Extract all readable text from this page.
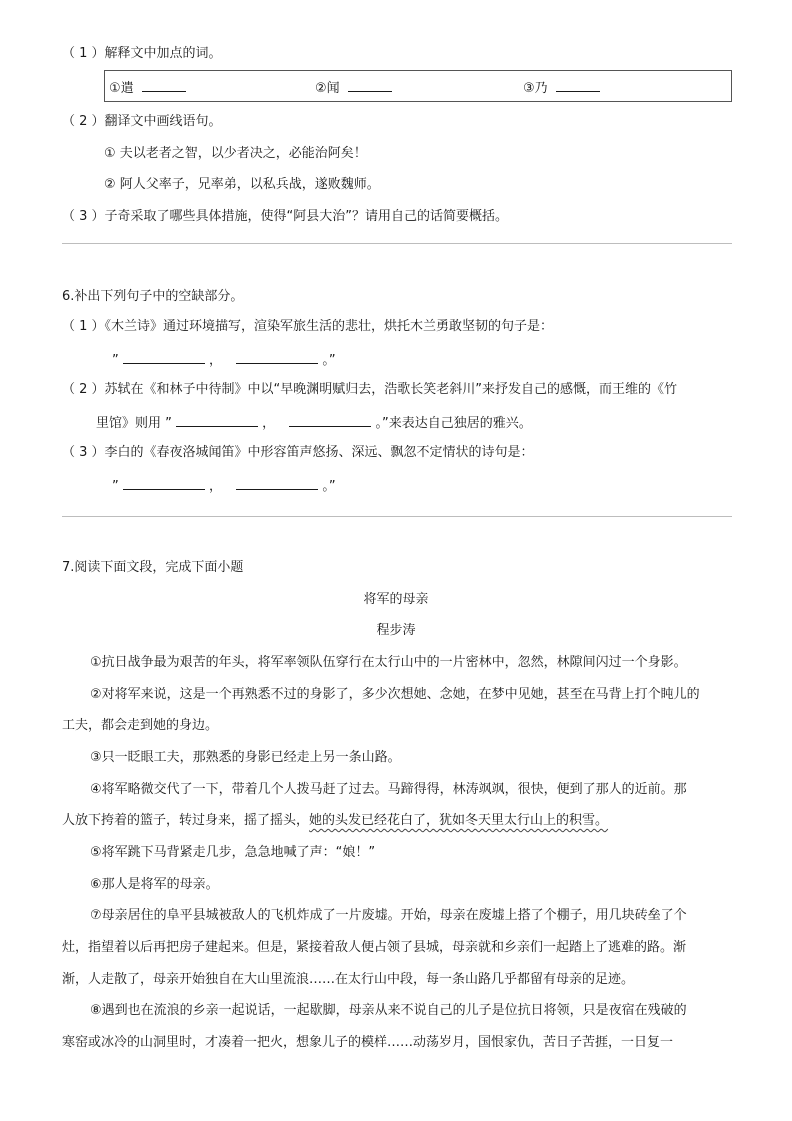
（ 1 ）解释文中加点的词。
①遣	②闻	③乃
（ 2 ）翻译文中画线语句。
① 夫以老者之智，以少者决之，必能治阿矣！
② 阿人父率子，兄率弟，以私兵战，遂败魏师。
（ 3 ）子奇采取了哪些具体措施，使得“阿县大治”？请用自己的话简要概括。
6.补出下列句子中的空缺部分。
（ 1 ）《木兰诗》通过环境描写，渲染军旅生活的悲壮，烘托木兰勇敢坚韧的句子是：
”	，	。”
（ 2 ）苏轼在《和林子中待制》中以“早晚渊明赋归去，浩歌长笑老斜川”来抒发自己的感慨，而王维的《竹
里馆》则用 ”	，	。”来表达自己独居的雅兴。
（ 3 ）李白的《春夜洛城闻笛》中形容笛声悠扬、深远、飘忽不定情状的诗句是：
”	，	。”
7.阅读下面文段，完成下面小题
将军的母亲
程步涛
①抗日战争最为艰苦的年头，将军率领队伍穿行在太行山中的一片密林中，忽然，林隙间闪过一个身影。
②对将军来说，这是一个再熟悉不过的身影了，多少次想她、念她，在梦中见她，甚至在马背上打个盹儿的
工夫，都会走到她的身边。
③只一眨眼工夫，那熟悉的身影已经走上另一条山路。
④将军略微交代了一下，带着几个人拨马赶了过去。马蹄得得，林涛飒飒，很快，便到了那人的近前。那
人放下挎着的篮子，转过身来，摇了摇头，她的头发已经花白了，犹如冬天里太行山上的积雪。
⑤将军跳下马背紧走几步，急急地喊了声：“娘！”
⑥那人是将军的母亲。
⑦母亲居住的阜平县城被敌人的飞机炸成了一片废墟。开始，母亲在废墟上搭了个棚子，用几块砖垒了个
灶，指望着以后再把房子建起来。但是，紧接着敌人便占领了县城，母亲就和乡亲们一起踏上了逃难的路。渐
渐，人走散了，母亲开始独自在大山里流浪……在太行山中段，每一条山路几乎都留有母亲的足迹。
⑧遇到也在流浪的乡亲一起说话，一起歇脚，母亲从来不说自己的儿子是位抗日将领，只是夜宿在残破的
寒窑或冰冷的山洞里时，才凑着一把火，想象儿子的模样……动荡岁月，国恨家仇，苦日子苦捱，一日复一
